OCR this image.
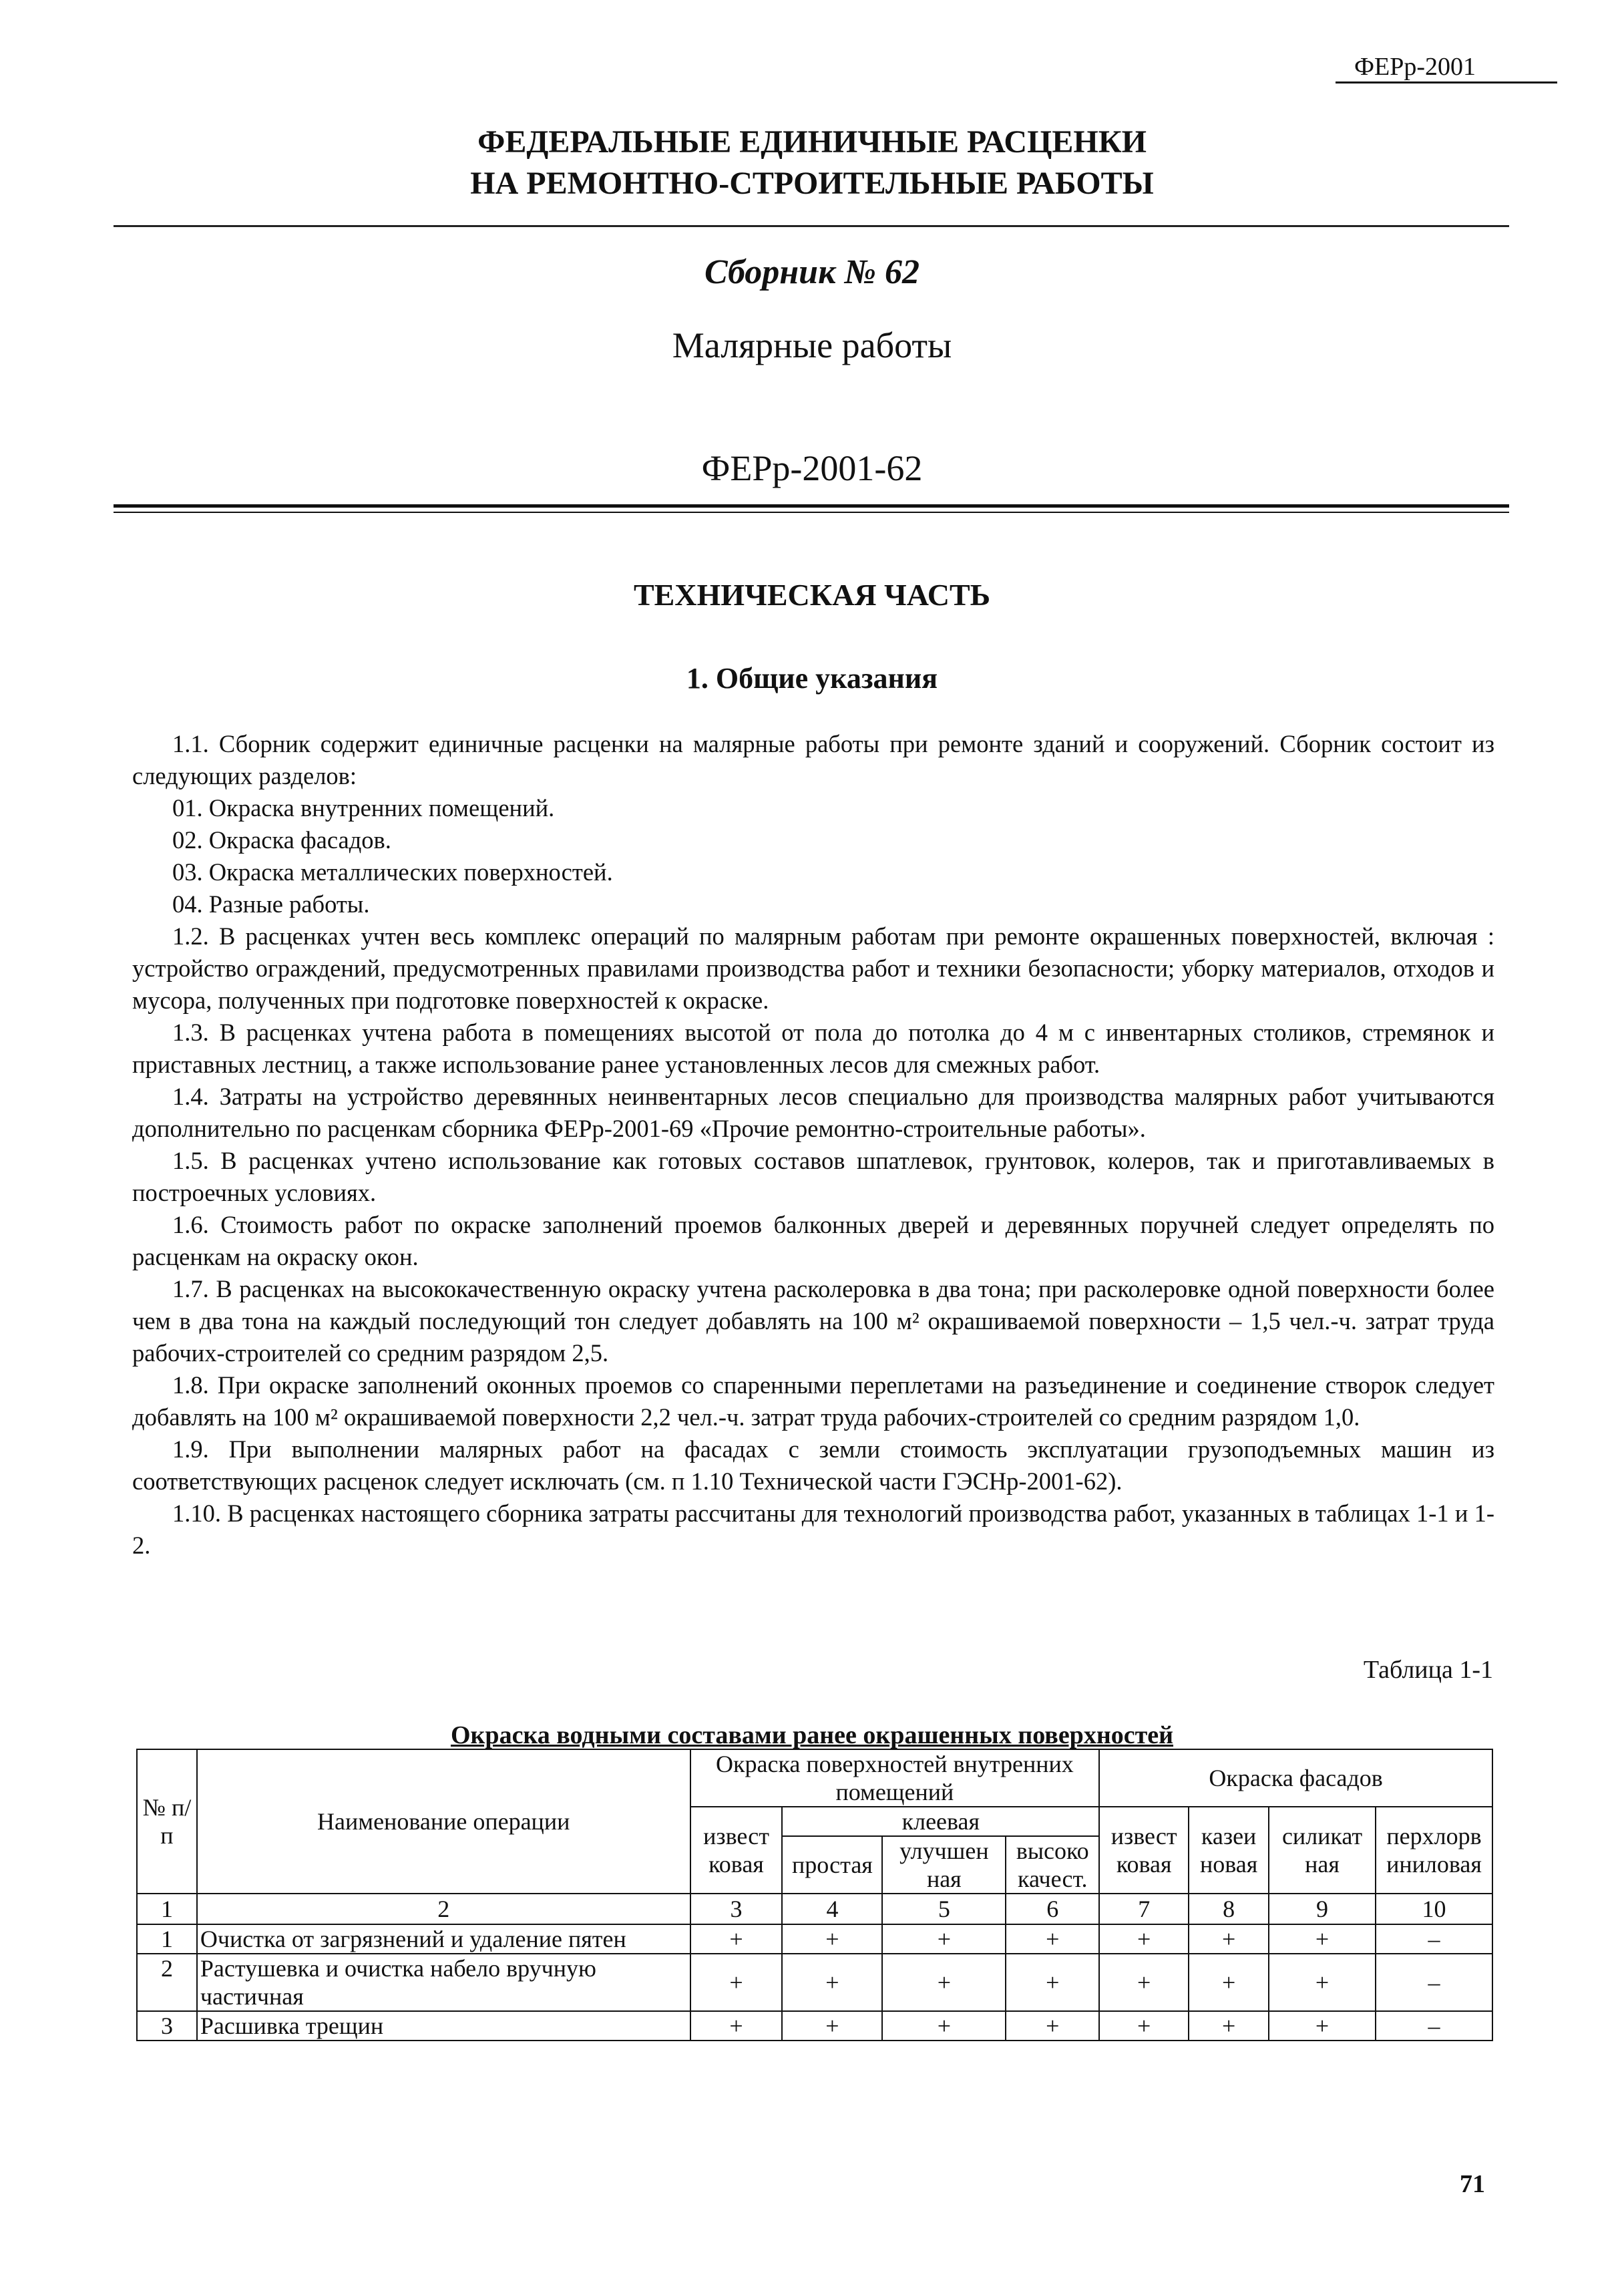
ФЕРр-2001
ФЕДЕРАЛЬНЫЕ ЕДИНИЧНЫЕ РАСЦЕНКИ
НА РЕМОНТНО-СТРОИТЕЛЬНЫЕ РАБОТЫ
Сборник № 62
Малярные работы
ФЕРр-2001-62
ТЕХНИЧЕСКАЯ ЧАСТЬ
1. Общие указания

1.1. Сборник содержит единичные расценки на малярные работы при ремонте зданий и сооружений. Сборник состоит из следующих разделов:

01. Окраска внутренних помещений.

02. Окраска фасадов.

03. Окраска металлических поверхностей.

04. Разные работы.

1.2. В расценках учтен весь комплекс операций по малярным работам при ремонте окрашенных поверхностей, включая : устройство ограждений, предусмотренных правилами производства работ и техники безопасности; уборку материалов, отходов и мусора, полученных при подготовке поверхностей к окраске.

1.3. В расценках учтена работа в помещениях высотой от пола до потолка до 4 м с инвентарных столиков, стремянок и приставных лестниц, а также использование ранее установленных лесов для смежных работ.

1.4. Затраты на устройство деревянных неинвентарных лесов специально для производства малярных работ учитываются дополнительно по расценкам сборника ФЕРр-2001-69 «Прочие ремонтно-строительные работы».

1.5. В расценках учтено использование как готовых составов шпатлевок, грунтовок, колеров, так и приготавливаемых в построечных условиях.

1.6. Стоимость работ по окраске заполнений проемов балконных дверей и деревянных поручней следует определять по расценкам на окраску окон.

1.7. В расценках на высококачественную окраску учтена расколеровка в два тона; при расколеровке одной поверхности более чем в два тона на каждый последующий тон следует добавлять на 100 м² окрашиваемой поверхности – 1,5 чел.-ч. затрат труда рабочих-строителей со средним разрядом 2,5.

1.8. При окраске заполнений оконных проемов со спаренными переплетами на разъединение и соединение створок следует добавлять на 100 м² окрашиваемой поверхности 2,2 чел.-ч. затрат труда рабочих-строителей со средним разрядом 1,0.

1.9. При выполнении малярных работ на фасадах с земли стоимость эксплуатации грузоподъемных машин из соответствующих расценок следует исключать (см. п 1.10 Технической части ГЭСНр-2001-62).

1.10. В расценках настоящего сборника затраты рассчитаны для технологий производства работ, указанных в таблицах 1-1 и 1-2.

Таблица 1-1
Окраска водными составами ранее окрашенных поверхностей
№ п/п	Наименование операции	Окраска поверхностей внутренних помещений				Окраска фасадов			
		извест ковая	клеевая			извест ковая	казеи новая	силикат ная	перхлорв иниловая
			простая	улучшен ная	высоко качест.				
1	2	3	4	5	6	7	8	9	10
1	Очистка от загрязнений и удаление пятен	+	+	+	+	+	+	+	–
2	Растушевка и очистка набело вручную частичная	+	+	+	+	+	+	+	–
3	Расшивка трещин	+	+	+	+	+	+	+	–
71
